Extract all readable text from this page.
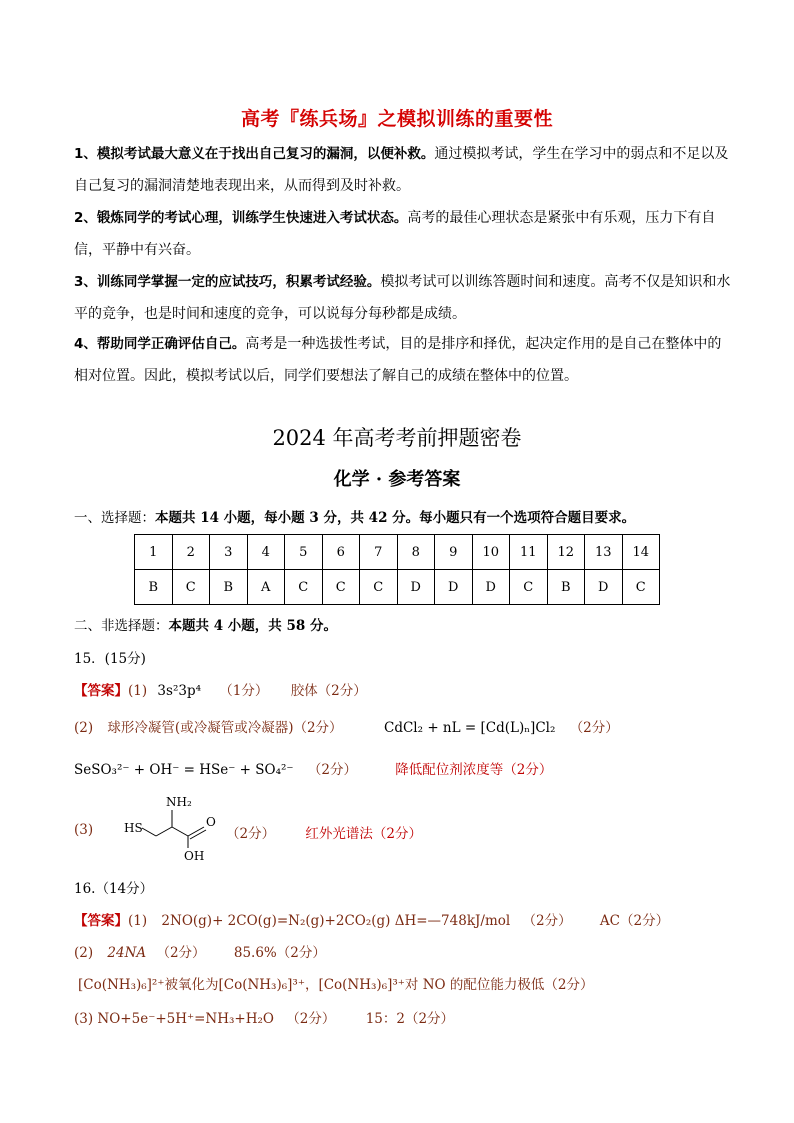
高考『练兵场』之模拟训练的重要性
1、模拟考试最大意义在于找出自己复习的漏洞，以便补救。通过模拟考试，学生在学习中的弱点和不足以及自己复习的漏洞清楚地表现出来，从而得到及时补救。
2、锻炼同学的考试心理，训练学生快速进入考试状态。高考的最佳心理状态是紧张中有乐观，压力下有自信，平静中有兴奋。
3、训练同学掌握一定的应试技巧，积累考试经验。模拟考试可以训练答题时间和速度。高考不仅是知识和水平的竞争，也是时间和速度的竞争，可以说每分每秒都是成绩。
4、帮助同学正确评估自己。高考是一种选拔性考试，目的是排序和择优，起决定作用的是自己在整体中的相对位置。因此，模拟考试以后，同学们要想法了解自己的成绩在整体中的位置。
2024 年高考考前押题密卷
化学 · 参考答案
一、选择题：本题共 14 小题，每小题 3 分，共 42 分。每小题只有一个选项符合题目要求。
1	2	3	4	5	6	7	8	9	10	11	12	13	14
B	C	B	A	C	C	C	D	D	D	C	B	D	C
二、非选择题：本题共 4 小题，共 58 分。
15．(15分)
【答案】(1) 3s²3p⁴ （1分） 胶体（2分）
(2) 球形冷凝管(或冷凝管或冷凝器)（2分）	CdCl₂ + nL = [Cd(L)ₙ]Cl₂ （2分）
SeSO₃²⁻ + OH⁻ = HSe⁻ + SO₄²⁻ （2分）	降低配位剂浓度等（2分）
(3)
NH₂
HS	O
OH
（2分） 红外光谱法（2分）
16.（14分）
【答案】(1) 2NO(g)+ 2CO(g)=N₂(g)+2CO₂(g) ΔH=—748kJ/mol （2分） AC（2分）
(2) 24NA （2分） 85.6%（2分）
[Co(NH₃)₆]²⁺被氧化为[Co(NH₃)₆]³⁺，[Co(NH₃)₆]³⁺对 NO 的配位能力极低（2分）
(3) NO+5e⁻+5H⁺=NH₃+H₂O （2分） 15：2（2分）
